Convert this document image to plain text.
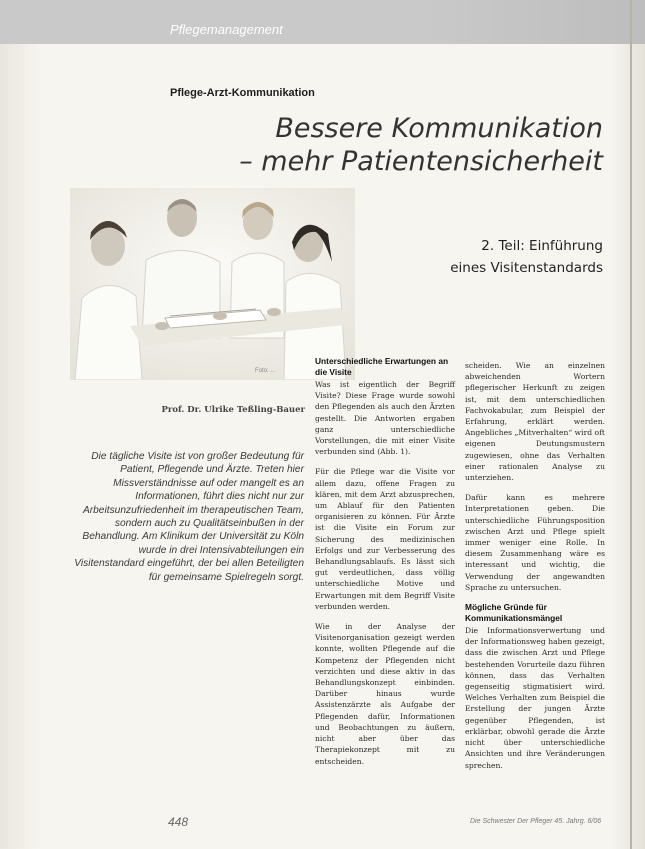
Pflegemanagement
Pflege-Arzt-Kommunikation
Bessere Kommunikation
– mehr Patientensicherheit
2. Teil: Einführung
eines Visitenstandards
Foto: ...
Prof. Dr. Ulrike Teßling-Bauer
Die tägliche Visite ist von großer Bedeutung für Patient, Pflegende und Ärzte. Treten hier Missverständnisse auf oder mangelt es an Informationen, führt dies nicht nur zur Arbeitsunzufriedenheit im therapeutischen Team, sondern auch zu Qualitätseinbußen in der Behandlung. Am Klinikum der Universität zu Köln wurde in drei Intensivabteilungen ein Visitenstandard eingeführt, der bei allen Beteiligten für gemeinsame Spielregeln sorgt.
Unterschiedliche Erwartungen an die Visite

Was ist eigentlich der Begriff Visite? Diese Frage wurde sowohl den Pflegenden als auch den Ärzten gestellt. Die Antworten ergaben ganz unterschiedliche Vorstellungen, die mit einer Visite verbunden sind (Abb. 1).

Für die Pflege war die Visite vor allem dazu, offene Fragen zu klären, mit dem Arzt abzusprechen, um Ablauf für den Patienten organisieren zu können. Für Ärzte ist die Visite ein Forum zur Sicherung des medizinischen Erfolgs und zur Verbesserung des Behandlungsablaufs. Es lässt sich gut verdeutlichen, dass völlig unterschiedliche Motive und Erwartungen mit dem Begriff Visite verbunden werden.

Wie in der Analyse der Visitenorganisation gezeigt werden konnte, wollten Pflegende auf die Kompetenz der Pflegenden nicht verzichten und diese aktiv in das Behandlungskonzept einbinden. Darüber hinaus wurde Assistenzärzte als Aufgabe der Pflegenden dafür, Informationen und Beobachtungen zu äußern, nicht aber über das Therapiekonzept mit zu entscheiden.

scheiden. Wie an einzelnen abweichenden Wortern pflegerischer Herkunft zu zeigen ist, mit dem unterschiedlichen Fachvokabular, zum Beispiel der Erfahrung, erklärt werden. Angebliches „Mitverhalten“ wird oft eigenen Deutungsmustern zugewiesen, ohne das Verhalten einer rationalen Analyse zu unterziehen.

Dafür kann es mehrere Interpretationen geben. Die unterschiedliche Führungsposition zwischen Arzt und Pflege spielt immer weniger eine Rolle. In diesem Zusammenhang wäre es interessant und wichtig, die Verwendung der angewandten Sprache zu untersuchen.

Mögliche Gründe für Kommunikationsmängel

Die Informationsverwertung und der Informationsweg haben gezeigt, dass die zwischen Arzt und Pflege bestehenden Vorurteile dazu führen können, dass das Verhalten gegenseitig stigmatisiert wird. Welches Verhalten zum Beispiel die Erstellung der jungen Ärzte gegenüber Pflegenden, ist erklärbar, obwohl gerade die Ärzte nicht über unterschiedliche Ansichten und ihre Veränderungen sprechen.

448	Die Schwester Der Pfleger 45. Jahrg. 6/06
